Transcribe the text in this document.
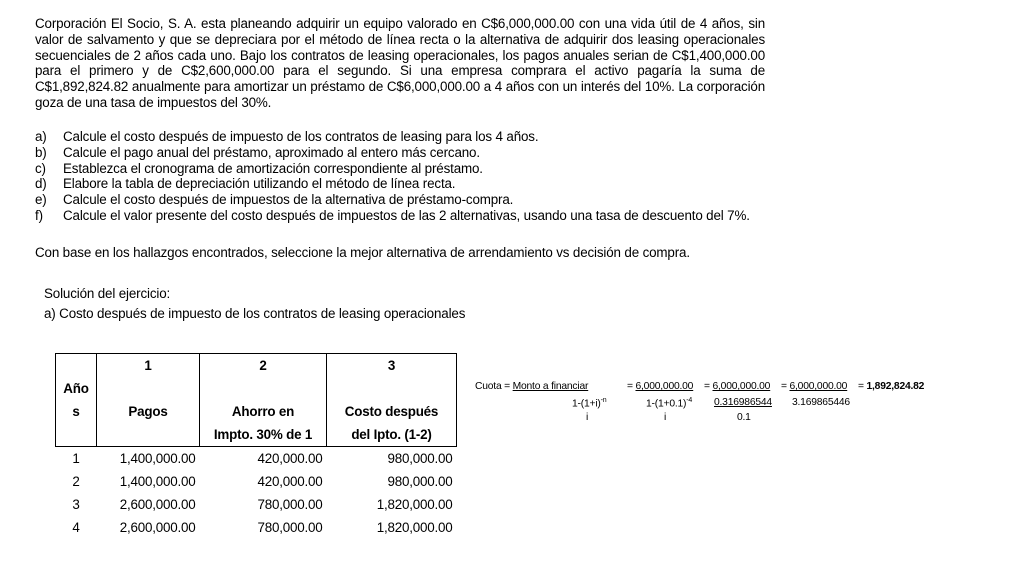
Corporación El Socio, S. A. esta planeando adquirir un equipo valorado en C$6,000,000.00 con una vida útil de 4 años, sin valor de salvamento y que se depreciara por el método de línea recta o la alternativa de adquirir dos leasing operacionales secuenciales de 2 años cada uno. Bajo los contratos de leasing operacionales, los pagos anuales serian de C$1,400,000.00 para el primero y de C$2,600,000.00 para el segundo. Si una empresa comprara el activo pagaría la suma de C$1,892,824.82 anualmente para amortizar un préstamo de C$6,000,000.00 a 4 años con un interés del 10%. La corporación goza de una tasa de impuestos del 30%.

a)	Calcule el costo después de impuesto de los contratos de leasing para los 4 años.
b)	Calcule el pago anual del préstamo, aproximado al entero más cercano.
c)	Establezca el cronograma de amortización correspondiente al préstamo.
d)	Elabore la tabla de depreciación utilizando el método de línea recta.
e)	Calcule el costo después de impuestos de la alternativa de préstamo-compra.
f)	Calcule el valor presente del costo después de impuestos de las 2 alternativas, usando una tasa de descuento del 7%.
Con base en los hallazgos encontrados, seleccione la mejor alternativa de arrendamiento vs decisión de compra.
Solución del ejercicio:
a) Costo después de impuesto de los contratos de leasing operacionales
	1	2	3
Año			
s	Pagos	Ahorro en	Costo después
		Impto. 30% de 1	del Ipto. (1-2)
1	1,400,000.00	420,000.00	980,000.00
2	1,400,000.00	420,000.00	980,000.00
3	2,600,000.00	780,000.00	1,820,000.00
4	2,600,000.00	780,000.00	1,820,000.00
Cuota = Monto a financiar
$1-(1+i)^{-n}$
i
= 6,000,000.00
$1-(1+0.1)^{-4}$
i
= 6,000,000.00
0.316986544
0.1
= 6,000,000.00
3.169865446
= 1,892,824.82
